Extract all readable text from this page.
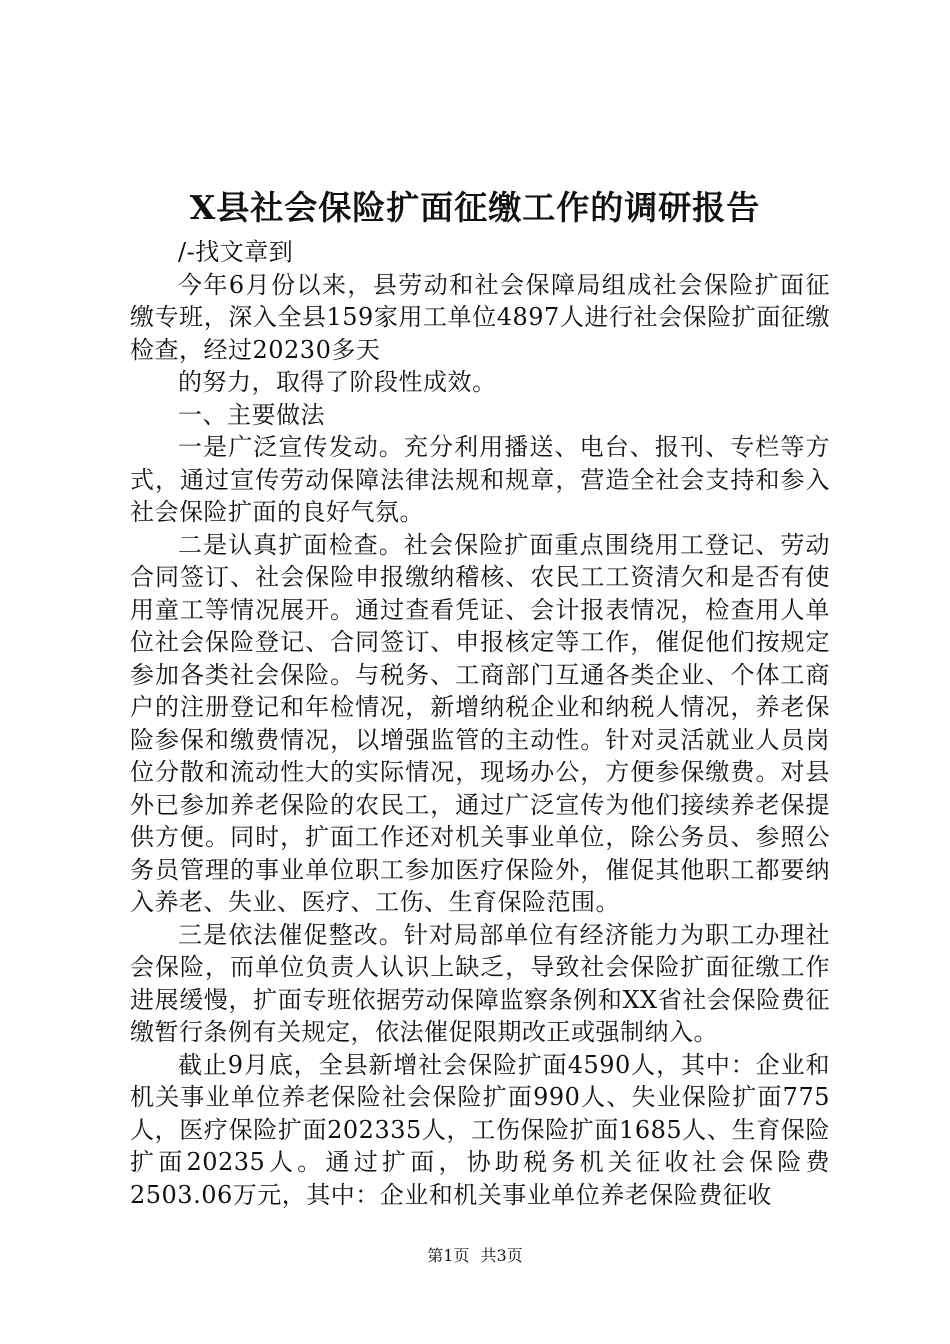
X县社会保险扩面征缴工作的调研报告

/-找文章到

今年6月份以来，县劳动和社会保障局组成社会保险扩面征缴专班，深入全县159家用工单位4897人进行社会保险扩面征缴检查，经过20230多天

的努力，取得了阶段性成效。

一、主要做法

一是广泛宣传发动。充分利用播送、电台、报刊、专栏等方式，通过宣传劳动保障法律法规和规章，营造全社会支持和参入社会保险扩面的良好气氛。

二是认真扩面检查。社会保险扩面重点围绕用工登记、劳动合同签订、社会保险申报缴纳稽核、农民工工资清欠和是否有使用童工等情况展开。通过查看凭证、会计报表情况，检查用人单位社会保险登记、合同签订、申报核定等工作，催促他们按规定参加各类社会保险。与税务、工商部门互通各类企业、个体工商户的注册登记和年检情况，新增纳税企业和纳税人情况，养老保险参保和缴费情况，以增强监管的主动性。针对灵活就业人员岗位分散和流动性大的实际情况，现场办公，方便参保缴费。对县外已参加养老保险的农民工，通过广泛宣传为他们接续养老保提供方便。同时，扩面工作还对机关事业单位，除公务员、参照公务员管理的事业单位职工参加医疗保险外，催促其他职工都要纳入养老、失业、医疗、工伤、生育保险范围。

三是依法催促整改。针对局部单位有经济能力为职工办理社会保险，而单位负责人认识上缺乏，导致社会保险扩面征缴工作进展缓慢，扩面专班依据劳动保障监察条例和XX省社会保险费征缴暂行条例有关规定，依法催促限期改正或强制纳入。

截止9月底，全县新增社会保险扩面4590人，其中：企业和机关事业单位养老保险社会保险扩面990人、失业保险扩面775人，医疗保险扩面202335人，工伤保险扩面1685人、生育保险扩面20235人。通过扩面，协助税务机关征收社会保险费2503.06万元，其中：企业和机关事业单位养老保险费征收

第1页 共3页
